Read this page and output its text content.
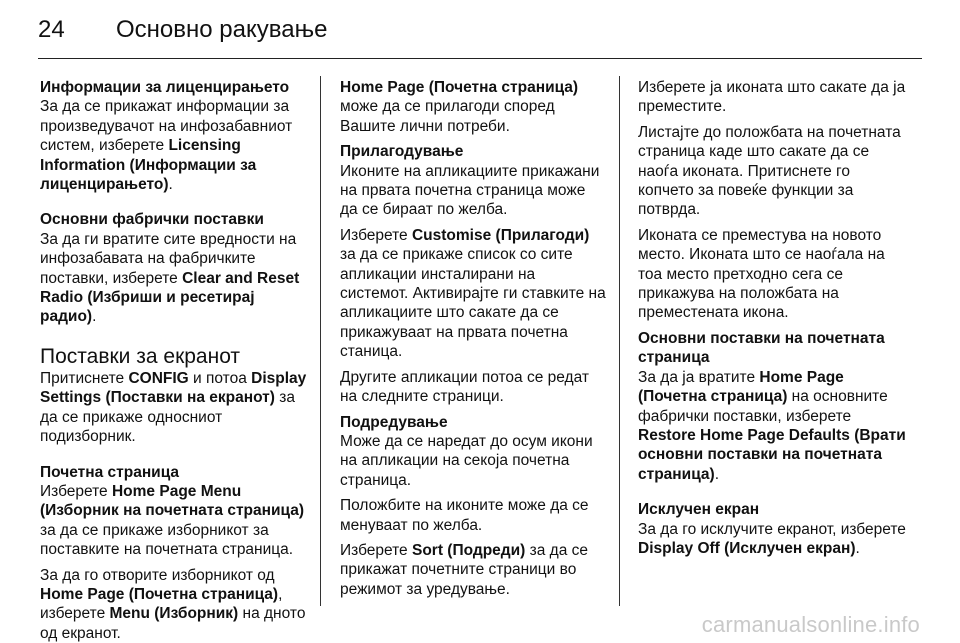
24	Основно ракување

Информации за лиценцирањето

За да се прикажат информации за произведувачот на инфозабавниот систем, изберете Licensing Information (Информации за лиценцирањето).

Основни фабрички поставки

За да ги вратите сите вредности на инфозабавата на фабричките поставки, изберете Clear and Reset Radio (Избриши и ресетирај радио).

Поставки за екранот

Притиснете CONFIG и потоа Display Settings (Поставки на екранот) за да се прикаже односниот подизборник.

Почетна страница

Изберете Home Page Menu (Изборник на почетната страница) за да се прикаже изборникот за поставките на почетната страница.

За да го отворите изборникот од Home Page (Почетна страница), изберете Menu (Изборник) на дното од екранот.

Home Page (Почетна страница) може да се прилагоди според Вашите лични потреби.

Прилагодување

Иконите на апликациите прикажани на првата почетна страница може да се бираат по желба.

Изберете Customise (Прилагоди) за да се прикаже список со сите апликации инсталирани на системот. Активирајте ги ставките на апликациите што сакате да се прикажуваат на првата почетна станица.

Другите апликации потоа се редат на следните страници.

Подредување

Може да се наредат до осум икони на апликации на секоја почетна страница.

Положбите на иконите може да се менуваат по желба.

Изберете Sort (Подреди) за да се прикажат почетните страници во режимот за уредување.

Изберете ја иконата што сакате да ја преместите.

Листајте до положбата на почетната страница каде што сакате да се наоѓа иконата. Притиснете го копчето за повеќе функции за потврда.

Иконата се преместува на новото место. Иконата што се наоѓала на тоа место претходно сега се прикажува на положбата на преместената икона.

Основни поставки на почетната страница

За да ја вратите Home Page (Почетна страница) на основните фабрички поставки, изберете Restore Home Page Defaults (Врати основни поставки на почетната страница).

Исклучен екран

За да го исклучите екранот, изберете Display Off (Исклучен екран).

carmanualsonline.info
